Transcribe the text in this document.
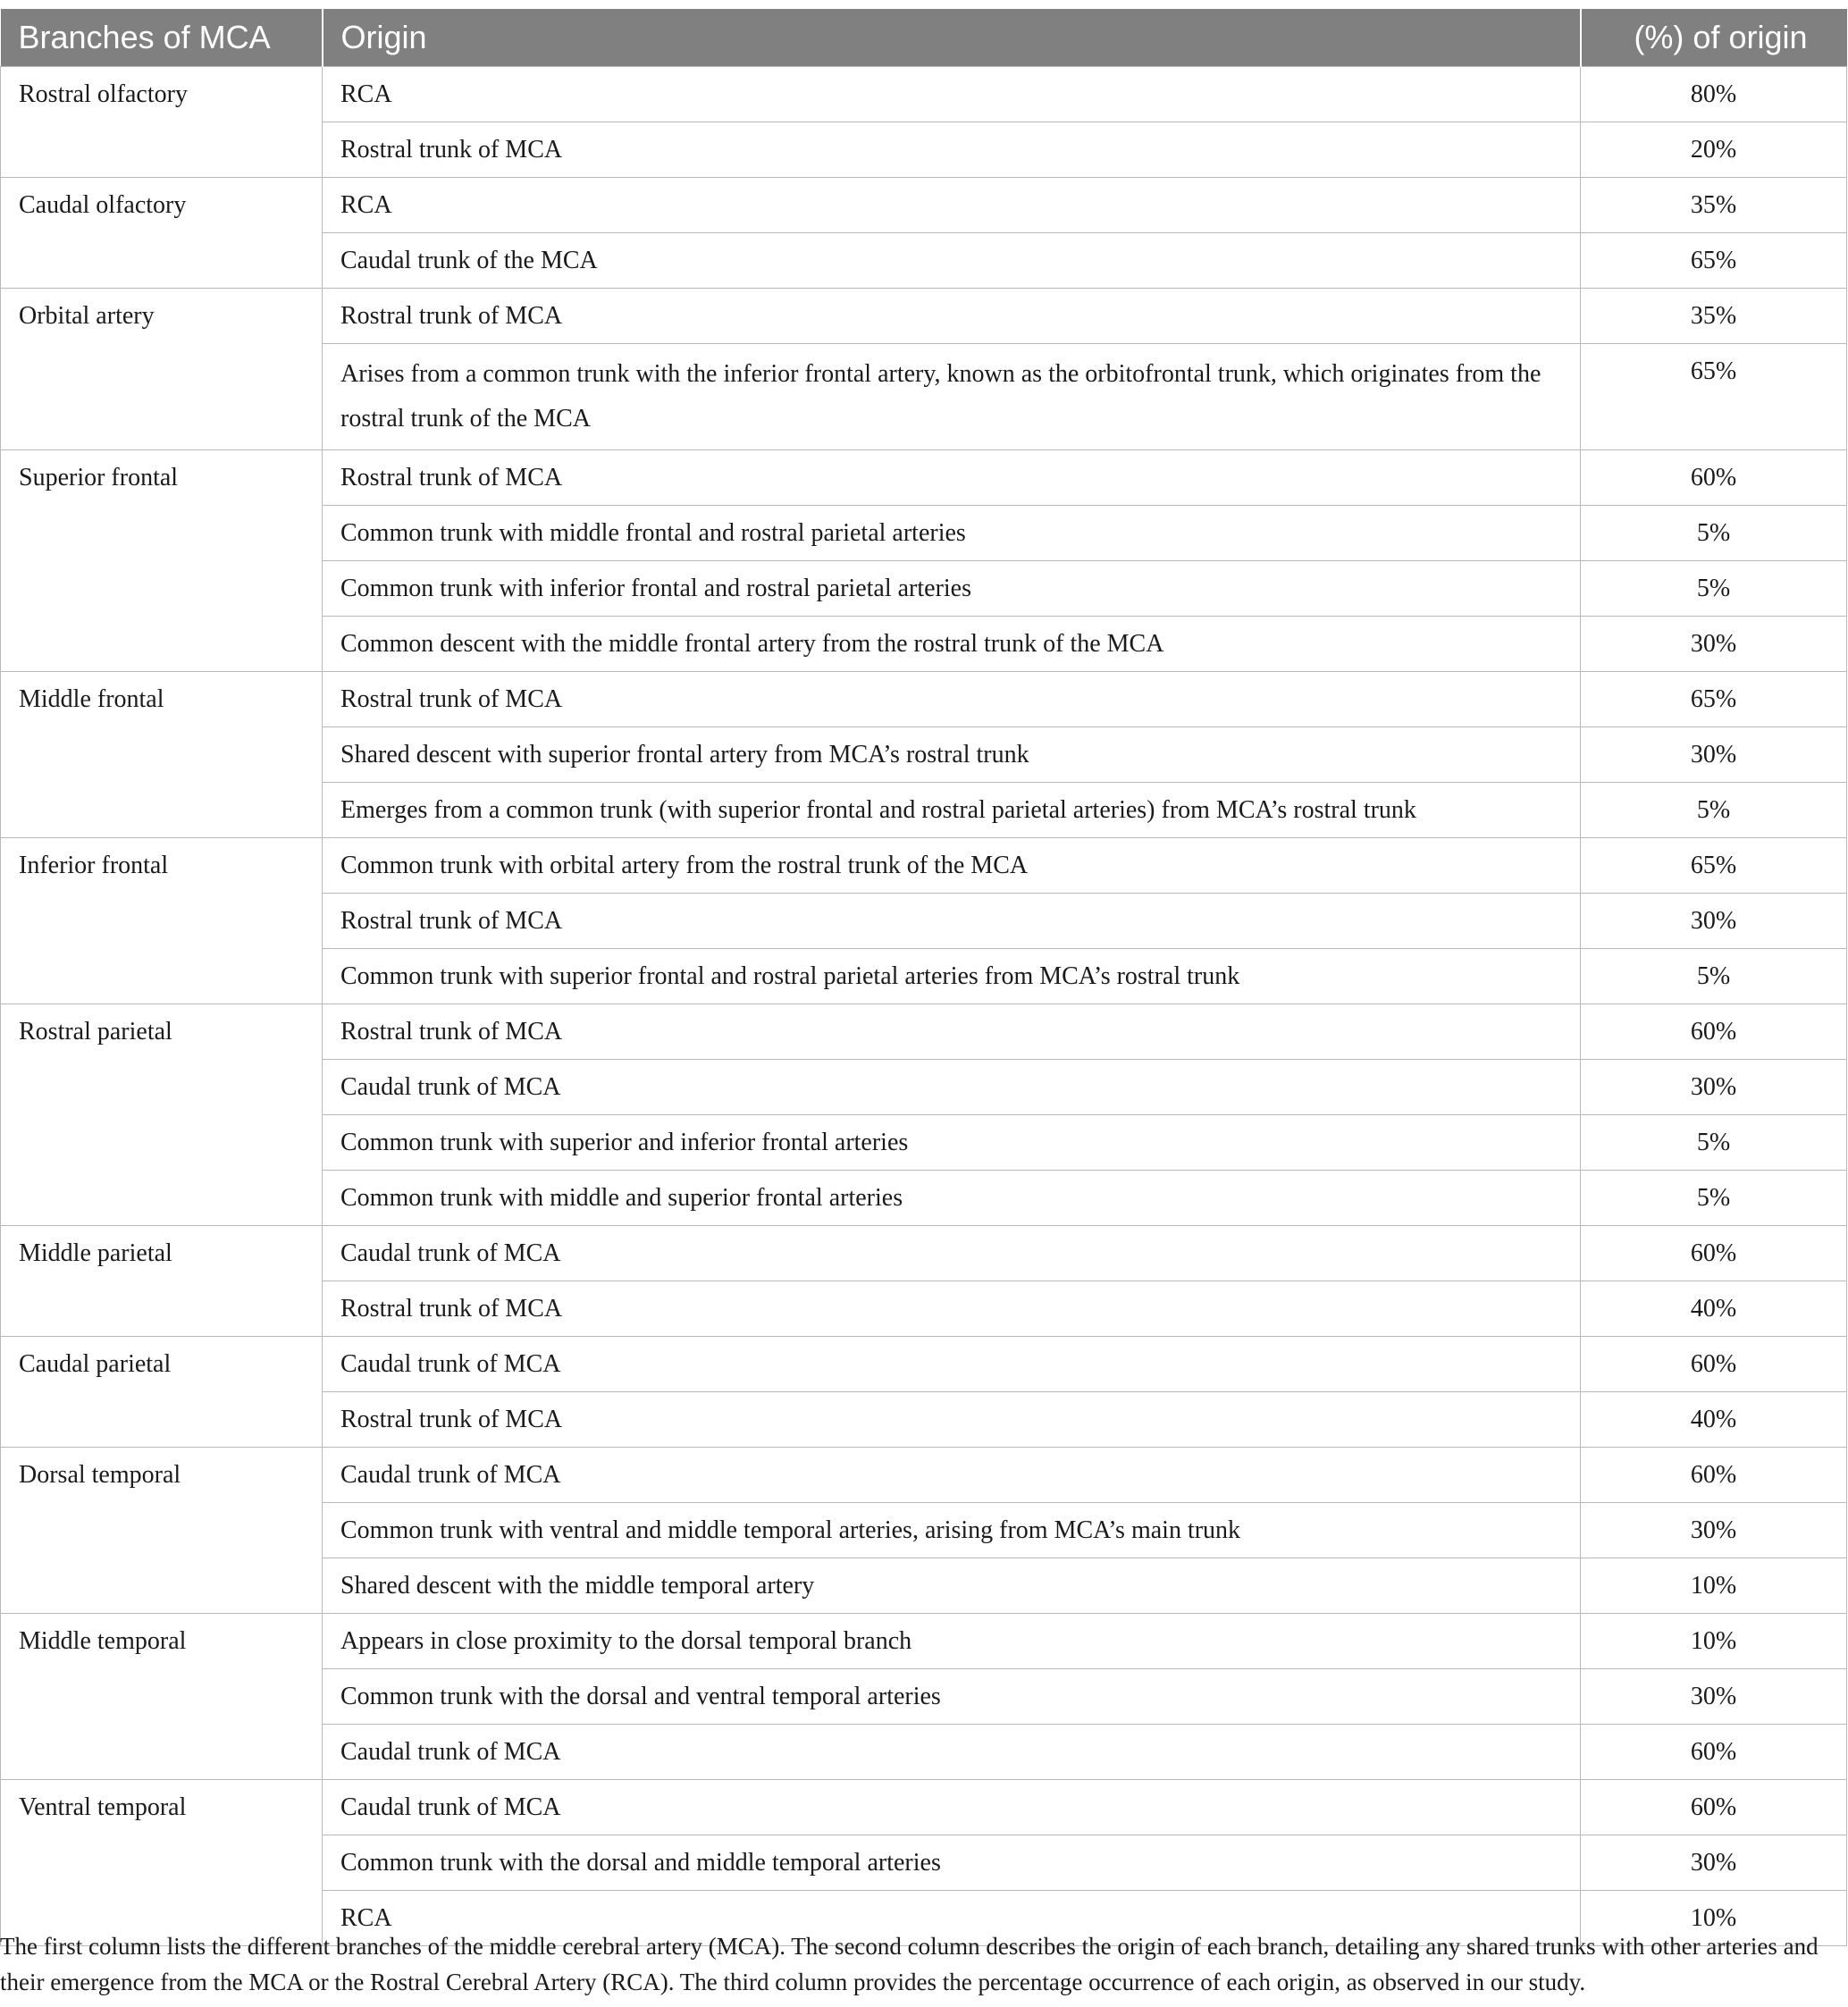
Branches of MCA	Origin	(%) of origin
Rostral olfactory	RCA	80%
	Rostral trunk of MCA	20%
Caudal olfactory	RCA	35%
	Caudal trunk of the MCA	65%
Orbital artery	Rostral trunk of MCA	35%
	Arises from a common trunk with the inferior frontal artery, known as the orbitofrontal trunk, which originates from the rostral trunk of the MCA	65%
Superior frontal	Rostral trunk of MCA	60%
	Common trunk with middle frontal and rostral parietal arteries	5%
	Common trunk with inferior frontal and rostral parietal arteries	5%
	Common descent with the middle frontal artery from the rostral trunk of the MCA	30%
Middle frontal	Rostral trunk of MCA	65%
	Shared descent with superior frontal artery from MCA’s rostral trunk	30%
	Emerges from a common trunk (with superior frontal and rostral parietal arteries) from MCA’s rostral trunk	5%
Inferior frontal	Common trunk with orbital artery from the rostral trunk of the MCA	65%
	Rostral trunk of MCA	30%
	Common trunk with superior frontal and rostral parietal arteries from MCA’s rostral trunk	5%
Rostral parietal	Rostral trunk of MCA	60%
	Caudal trunk of MCA	30%
	Common trunk with superior and inferior frontal arteries	5%
	Common trunk with middle and superior frontal arteries	5%
Middle parietal	Caudal trunk of MCA	60%
	Rostral trunk of MCA	40%
Caudal parietal	Caudal trunk of MCA	60%
	Rostral trunk of MCA	40%
Dorsal temporal	Caudal trunk of MCA	60%
	Common trunk with ventral and middle temporal arteries, arising from MCA’s main trunk	30%
	Shared descent with the middle temporal artery	10%
Middle temporal	Appears in close proximity to the dorsal temporal branch	10%
	Common trunk with the dorsal and ventral temporal arteries	30%
	Caudal trunk of MCA	60%
Ventral temporal	Caudal trunk of MCA	60%
	Common trunk with the dorsal and middle temporal arteries	30%
	RCA	10%
The first column lists the different branches of the middle cerebral artery (MCA). The second column describes the origin of each branch, detailing any shared trunks with other arteries and their emergence from the MCA or the Rostral Cerebral Artery (RCA). The third column provides the percentage occurrence of each origin, as observed in our study.
